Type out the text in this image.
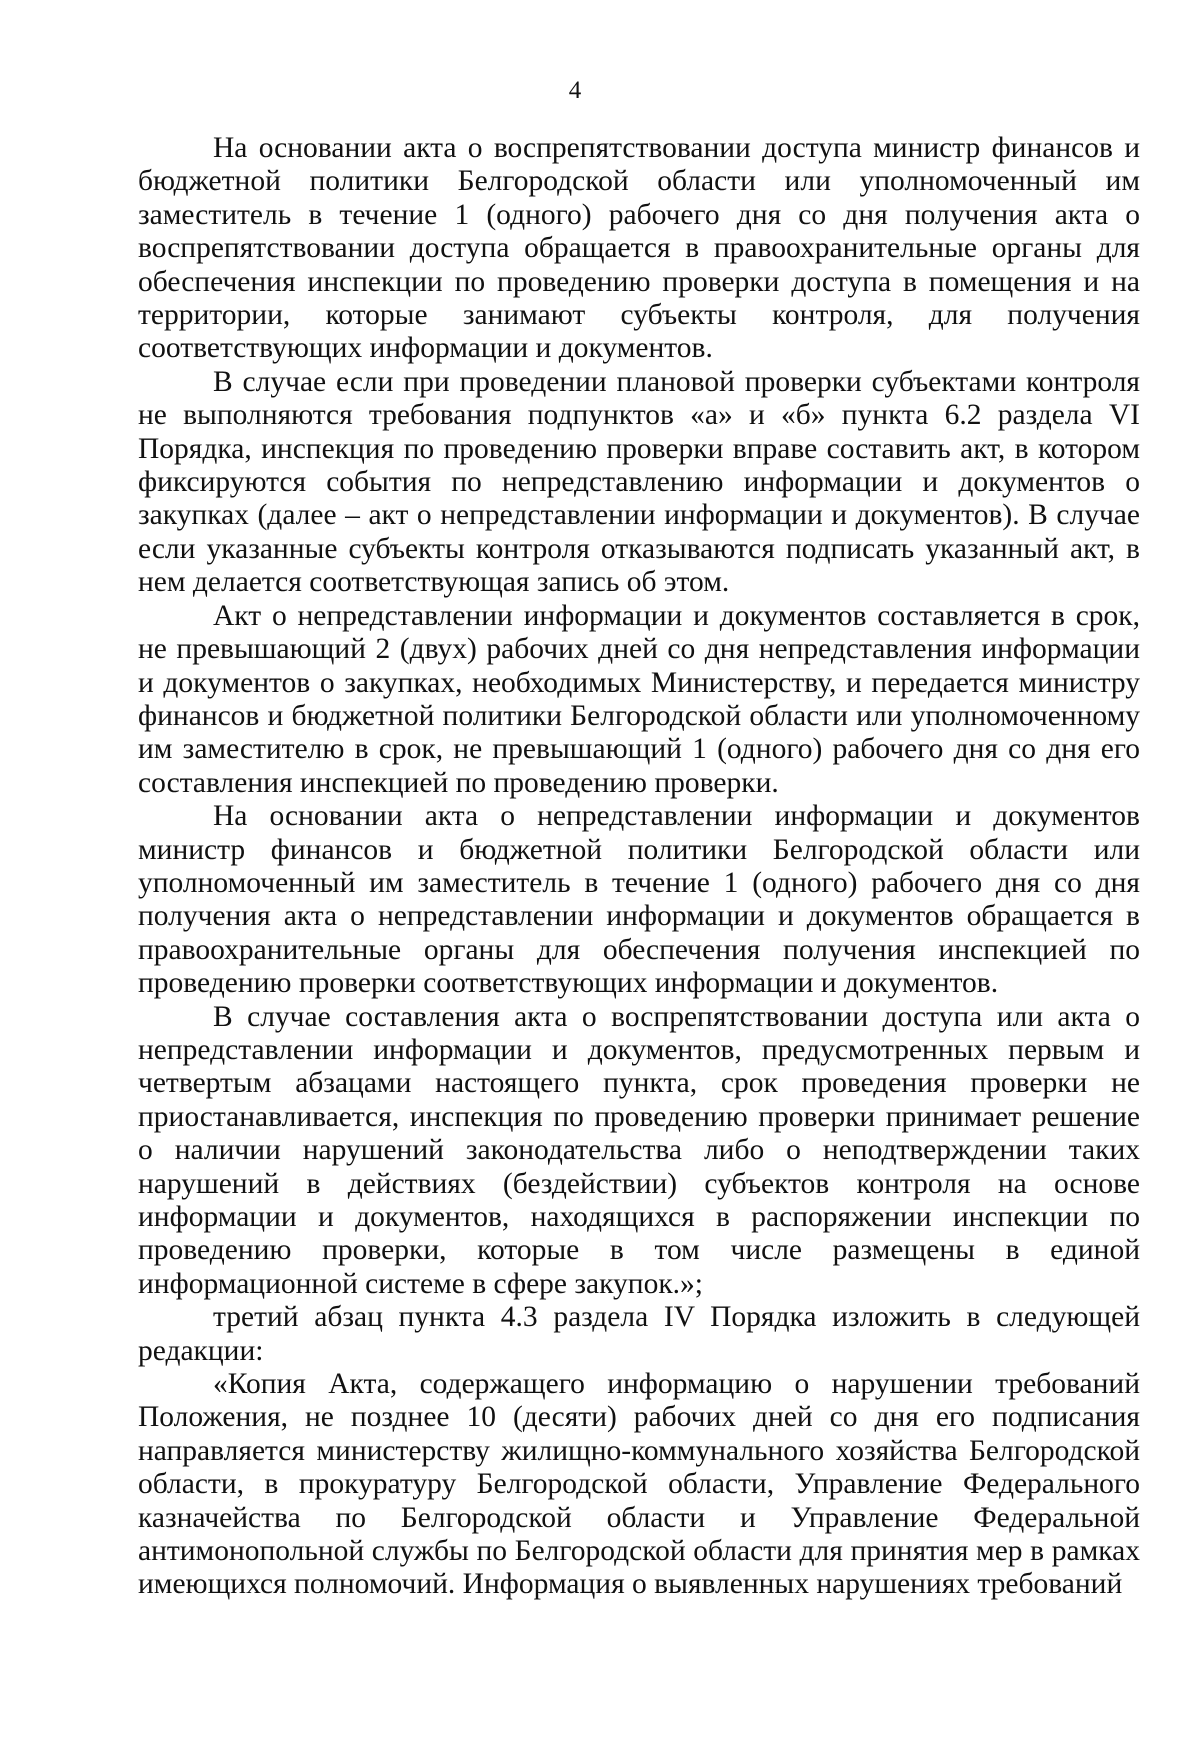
4

На основании акта о воспрепятствовании доступа министр финансов и бюджетной политики Белгородской области или уполномоченный им заместитель в течение 1 (одного) рабочего дня со дня получения акта о воспрепятствовании доступа обращается в правоохранительные органы для обеспечения инспекции по проведению проверки доступа в помещения и на территории, которые занимают субъекты контроля, для получения соответствующих информации и документов.

В случае если при проведении плановой проверки субъектами контроля не выполняются требования подпунктов «а» и «б» пункта 6.2 раздела VI Порядка, инспекция по проведению проверки вправе составить акт, в котором фиксируются события по непредставлению информации и документов о закупках (далее – акт о непредставлении информации и документов). В случае если указанные субъекты контроля отказываются подписать указанный акт, в нем делается соответствующая запись об этом.

Акт о непредставлении информации и документов составляется в срок, не превышающий 2 (двух) рабочих дней со дня непредставления информации и документов о закупках, необходимых Министерству, и передается министру финансов и бюджетной политики Белгородской области или уполномоченному им заместителю в срок, не превышающий 1 (одного) рабочего дня со дня его составления инспекцией по проведению проверки.

На основании акта о непредставлении информации и документов министр финансов и бюджетной политики Белгородской области или уполномоченный им заместитель в течение 1 (одного) рабочего дня со дня получения акта о непредставлении информации и документов обращается в правоохранительные органы для обеспечения получения инспекцией по проведению проверки соответствующих информации и документов.

В случае составления акта о воспрепятствовании доступа или акта о непредставлении информации и документов, предусмотренных первым и четвертым абзацами настоящего пункта, срок проведения проверки не приостанавливается, инспекция по проведению проверки принимает решение о наличии нарушений законодательства либо о неподтверждении таких нарушений в действиях (бездействии) субъектов контроля на основе информации и документов, находящихся в распоряжении инспекции по проведению проверки, которые в том числе размещены в единой информационной системе в сфере закупок.»;

третий абзац пункта 4.3 раздела IV Порядка изложить в следующей редакции:

«Копия Акта, содержащего информацию о нарушении требований Положения, не позднее 10 (десяти) рабочих дней со дня его подписания направляется министерству жилищно-коммунального хозяйства Белгородской области, в прокуратуру Белгородской области, Управление Федерального казначейства по Белгородской области и Управление Федеральной антимонопольной службы по Белгородской области для принятия мер в рамках имеющихся полномочий. Информация о выявленных нарушениях требований
